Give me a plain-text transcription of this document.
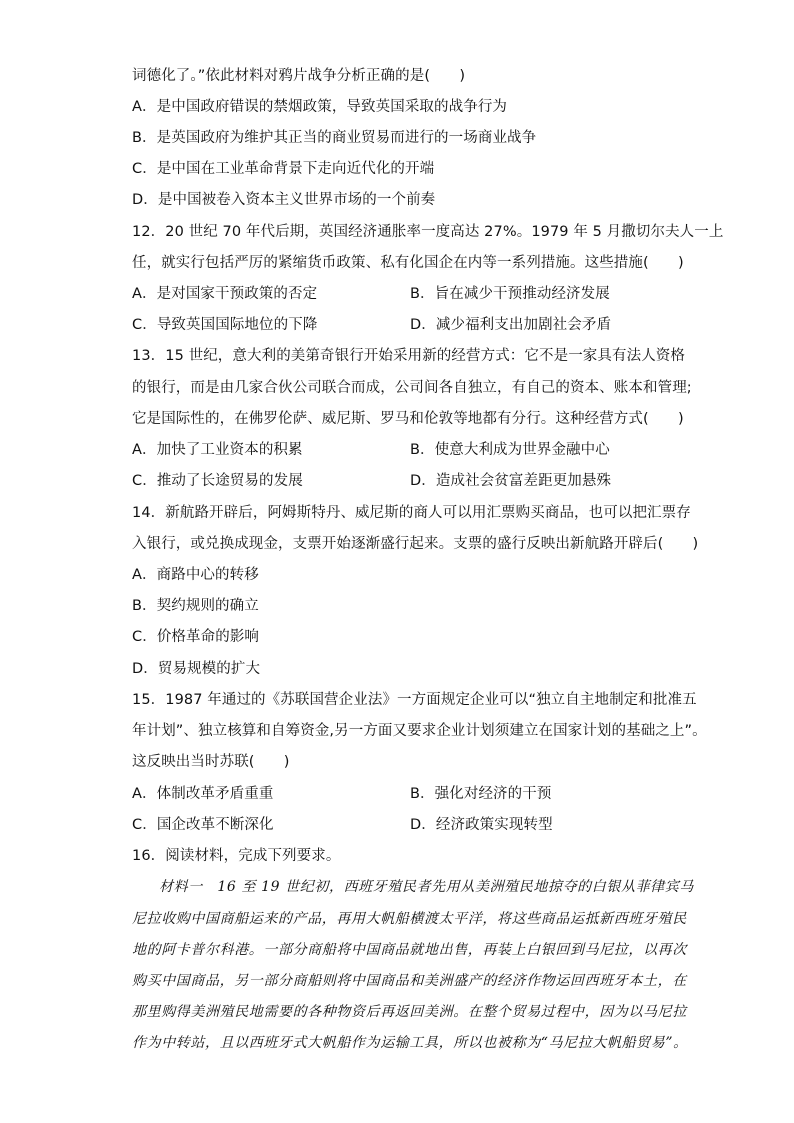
词德化了。”依此材料对鸦片战争分析正确的是(　　)
A．是中国政府错误的禁烟政策，导致英国采取的战争行为
B．是英国政府为维护其正当的商业贸易而进行的一场商业战争
C．是中国在工业革命背景下走向近代化的开端
D．是中国被卷入资本主义世界市场的一个前奏
12．20 世纪 70 年代后期，英国经济通胀率一度高达 27%。1979 年 5 月撒切尔夫人一上
任，就实行包括严厉的紧缩货币政策、私有化国企在内等一系列措施。这些措施(　　)
A．是对国家干预政策的否定	B．旨在减少干预推动经济发展
C．导致英国国际地位的下降	D．减少福利支出加剧社会矛盾
13．15 世纪，意大利的美第奇银行开始采用新的经营方式：它不是一家具有法人资格
的银行，而是由几家合伙公司联合而成，公司间各自独立，有自己的资本、账本和管理;
它是国际性的，在佛罗伦萨、威尼斯、罗马和伦敦等地都有分行。这种经营方式(　　)
A．加快了工业资本的积累	B．使意大利成为世界金融中心
C．推动了长途贸易的发展	D．造成社会贫富差距更加悬殊
14．新航路开辟后，阿姆斯特丹、威尼斯的商人可以用汇票购买商品，也可以把汇票存
入银行，或兑换成现金，支票开始逐渐盛行起来。支票的盛行反映出新航路开辟后(　　)
A．商路中心的转移
B．契约规则的确立
C．价格革命的影响
D．贸易规模的扩大
15．1987 年通过的《苏联国营企业法》一方面规定企业可以“独立自主地制定和批准五
年计划”、独立核算和自筹资金,另一方面又要求企业计划须建立在国家计划的基础之上”。
这反映出当时苏联(　　)
A．体制改革矛盾重重	B．强化对经济的干预
C．国企改革不断深化	D．经济政策实现转型
16．阅读材料，完成下列要求。
材料一　16 至 19 世纪初，西班牙殖民者先用从美洲殖民地掠夺的白银从菲律宾马
尼拉收购中国商船运来的产品，再用大帆船横渡太平洋，将这些商品运抵新西班牙殖民
地的阿卡普尔科港。一部分商船将中国商品就地出售，再装上白银回到马尼拉，以再次
购买中国商品，另一部分商船则将中国商品和美洲盛产的经济作物运回西班牙本土，在
那里购得美洲殖民地需要的各种物资后再返回美洲。在整个贸易过程中，因为以马尼拉
作为中转站，且以西班牙式大帆船作为运输工具，所以也被称为“马尼拉大帆船贸易”。
